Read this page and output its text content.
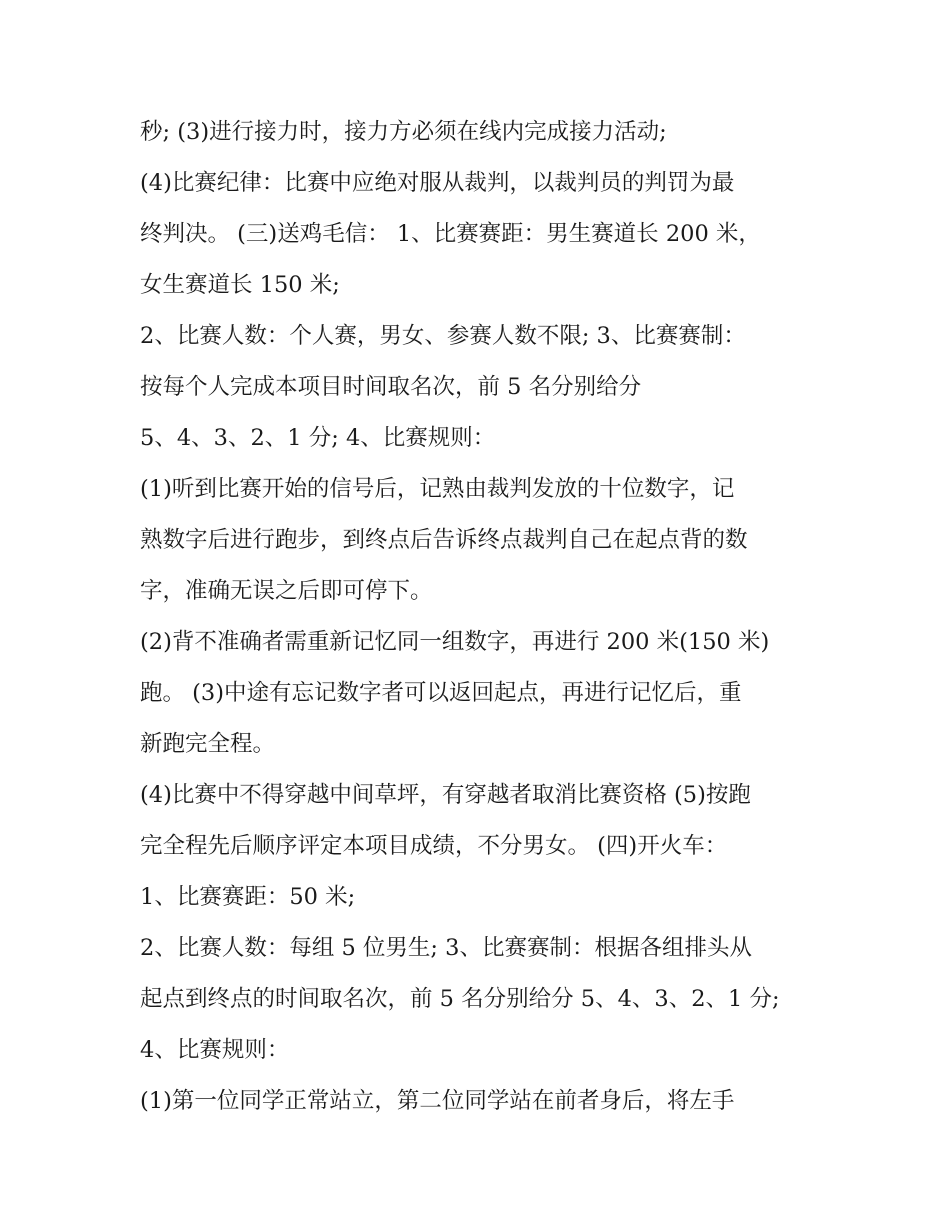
秒; (3)进行接力时，接力方必须在线内完成接力活动;
(4)比赛纪律：比赛中应绝对服从裁判，以裁判员的判罚为最
终判决。 (三)送鸡毛信： 1、比赛赛距：男生赛道长 200 米，
女生赛道长 150 米;
2、比赛人数：个人赛，男女、参赛人数不限; 3、比赛赛制：
按每个人完成本项目时间取名次，前 5 名分别给分
5、4、3、2、1 分; 4、比赛规则：
(1)听到比赛开始的信号后，记熟由裁判发放的十位数字，记
熟数字后进行跑步，到终点后告诉终点裁判自己在起点背的数
字，准确无误之后即可停下。
(2)背不准确者需重新记忆同一组数字，再进行 200 米(150 米)
跑。 (3)中途有忘记数字者可以返回起点，再进行记忆后，重
新跑完全程。
(4)比赛中不得穿越中间草坪，有穿越者取消比赛资格 (5)按跑
完全程先后顺序评定本项目成绩，不分男女。 (四)开火车：
1、比赛赛距：50 米;
2、比赛人数：每组 5 位男生; 3、比赛赛制：根据各组排头从
起点到终点的时间取名次，前 5 名分别给分 5、4、3、2、1 分;
4、比赛规则：
(1)第一位同学正常站立，第二位同学站在前者身后，将左手
